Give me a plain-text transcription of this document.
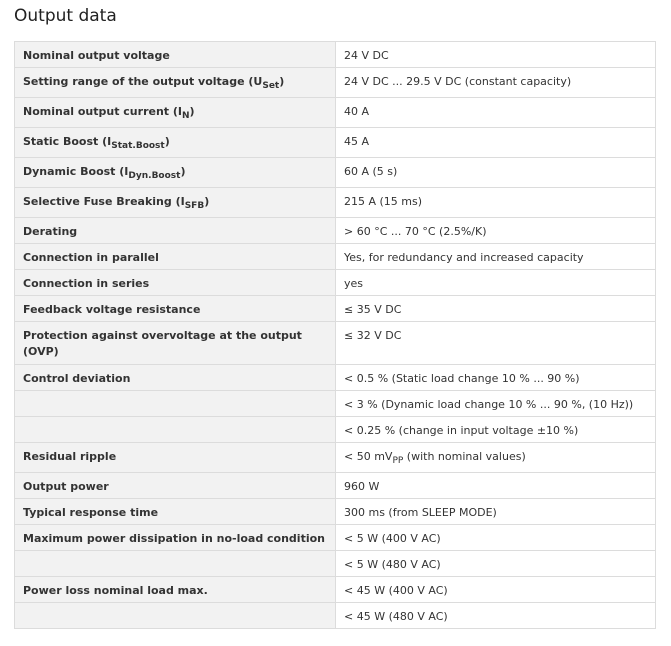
Output data
Nominal output voltage	24 V DC
Setting range of the output voltage $(U_{Set})$	24 V DC ... 29.5 V DC (constant capacity)
Nominal output current $(I_N)$	40 A
Static Boost $(I_{Stat.Boost})$	45 A
Dynamic Boost $(I_{Dyn.Boost})$	60 A (5 s)
Selective Fuse Breaking $(I_{SFB})$	215 A (15 ms)
Derating	> 60 °C ... 70 °C (2.5%/K)
Connection in parallel	Yes, for redundancy and increased capacity
Connection in series	yes
Feedback voltage resistance	≤ 35 V DC
Protection against overvoltage at the output (OVP)	≤ 32 V DC
Control deviation	< 0.5 % (Static load change 10 % ... 90 %)
	< 3 % (Dynamic load change 10 % ... 90 %, (10 Hz))
	< 0.25 % (change in input voltage ±10 %)
Residual ripple	< 50 $mV_{PP}$ (with nominal values)
Output power	960 W
Typical response time	300 ms (from SLEEP MODE)
Maximum power dissipation in no-load condition	< 5 W (400 V AC)
	< 5 W (480 V AC)
Power loss nominal load max.	< 45 W (400 V AC)
	< 45 W (480 V AC)
